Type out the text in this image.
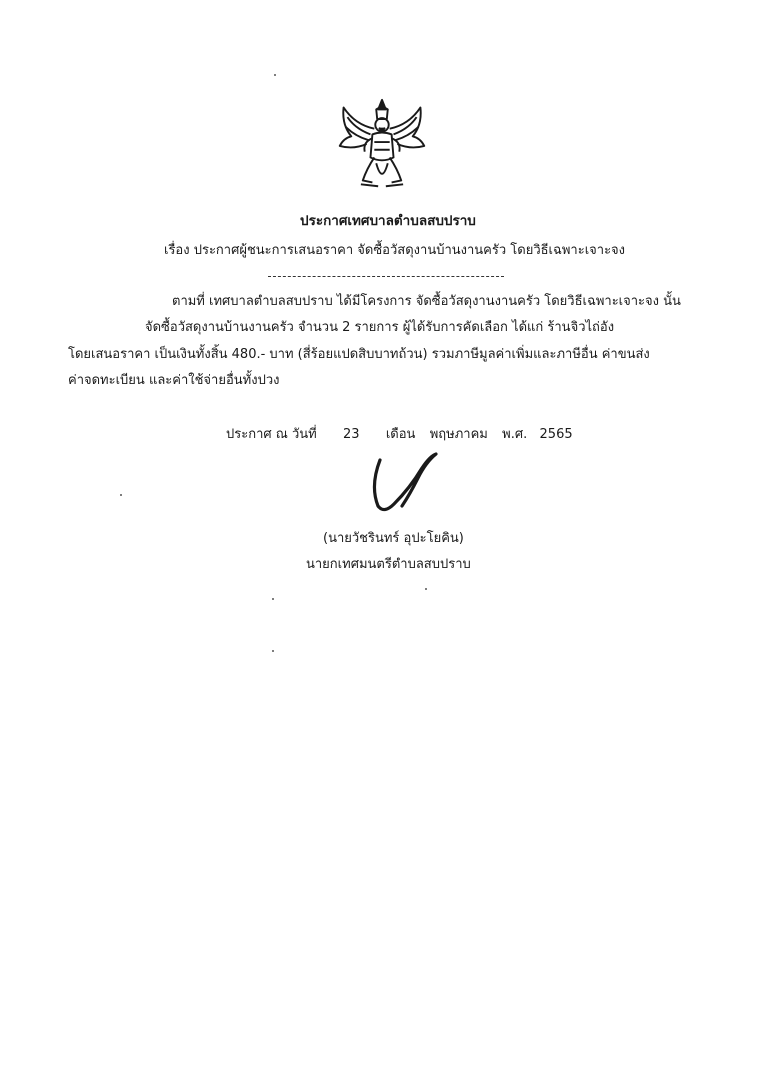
ประกาศเทศบาลตำบลสบปราบ
เรื่อง ประกาศผู้ชนะการเสนอราคา จัดซื้อวัสดุงานบ้านงานครัว โดยวิธีเฉพาะเจาะจง
ตามที่ เทศบาลตำบลสบปราบ ได้มีโครงการ จัดซื้อวัสดุงานงานครัว โดยวิธีเฉพาะเจาะจง นั้น
จัดซื้อวัสดุงานบ้านงานครัว จำนวน 2 รายการ ผู้ได้รับการคัดเลือก ได้แก่ ร้านจิวไถ่อัง
โดยเสนอราคา เป็นเงินทั้งสิ้น 480.- บาท (สี่ร้อยแปดสิบบาทถ้วน) รวมภาษีมูลค่าเพิ่มและภาษีอื่น ค่าขนส่ง
ค่าจดทะเบียน และค่าใช้จ่ายอื่นทั้งปวง
ประกาศ ณ วันที่ 23 เดือน พฤษภาคม พ.ศ. 2565
(นายวัชรินทร์ อุปะโยคิน)
นายกเทศมนตรีตำบลสบปราบ
